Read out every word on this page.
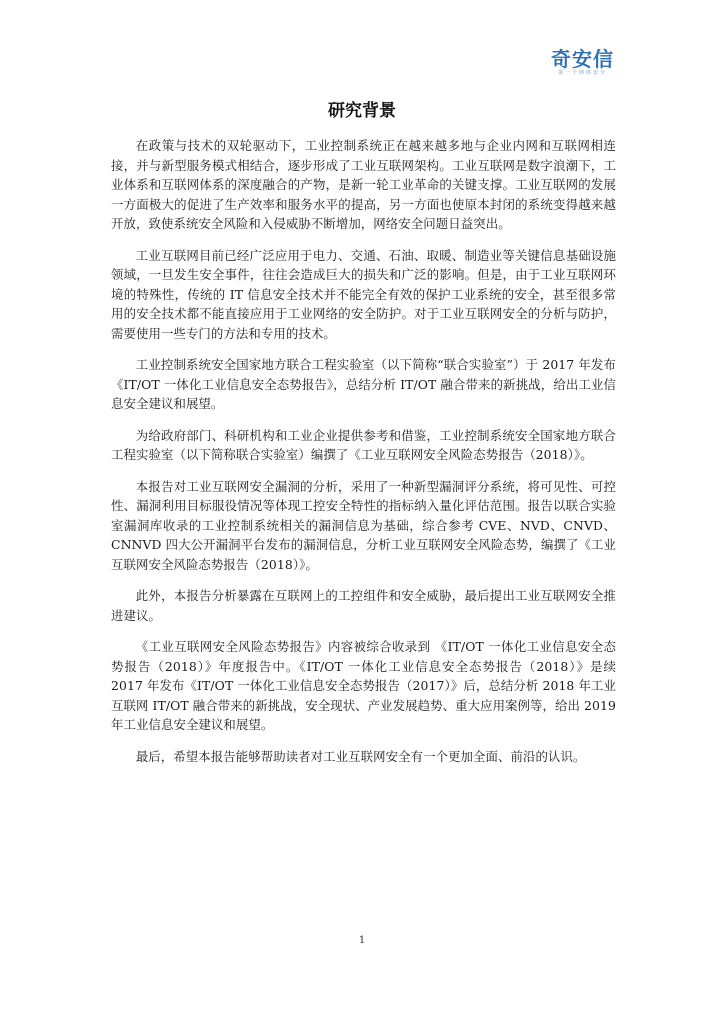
奇安信
第一个网络安全
研究背景

在政策与技术的双轮驱动下，工业控制系统正在越来越多地与企业内网和互联网相连接，并与新型服务模式相结合，逐步形成了工业互联网架构。工业互联网是数字浪潮下，工业体系和互联网体系的深度融合的产物，是新一轮工业革命的关键支撑。工业互联网的发展一方面极大的促进了生产效率和服务水平的提高，另一方面也使原本封闭的系统变得越来越开放，致使系统安全风险和入侵威胁不断增加，网络安全问题日益突出。

工业互联网目前已经广泛应用于电力、交通、石油、取暖、制造业等关键信息基础设施领域，一旦发生安全事件，往往会造成巨大的损失和广泛的影响。但是，由于工业互联网环境的特殊性，传统的 IT 信息安全技术并不能完全有效的保护工业系统的安全，甚至很多常用的安全技术都不能直接应用于工业网络的安全防护。对于工业互联网安全的分析与防护，需要使用一些专门的方法和专用的技术。

工业控制系统安全国家地方联合工程实验室（以下简称“联合实验室”）于 2017 年发布《IT/OT 一体化工业信息安全态势报告》，总结分析 IT/OT 融合带来的新挑战，给出工业信息安全建议和展望。

为给政府部门、科研机构和工业企业提供参考和借鉴，工业控制系统安全国家地方联合工程实验室（以下简称联合实验室）编撰了《工业互联网安全风险态势报告（2018）》。

本报告对工业互联网安全漏洞的分析，采用了一种新型漏洞评分系统，将可见性、可控性、漏洞利用目标服役情况等体现工控安全特性的指标纳入量化评估范围。报告以联合实验室漏洞库收录的工业控制系统相关的漏洞信息为基础，综合参考 CVE、NVD、CNVD、CNNVD 四大公开漏洞平台发布的漏洞信息，分析工业互联网安全风险态势，编撰了《工业互联网安全风险态势报告（2018）》。

此外，本报告分析暴露在互联网上的工控组件和安全威胁，最后提出工业互联网安全推进建议。

《工业互联网安全风险态势报告》内容被综合收录到 《IT/OT 一体化工业信息安全态势报告（2018）》年度报告中。《IT/OT 一体化工业信息安全态势报告（2018）》是续 2017 年发布《IT/OT 一体化工业信息安全态势报告（2017）》后，总结分析 2018 年工业互联网 IT/OT 融合带来的新挑战，安全现状、产业发展趋势、重大应用案例等，给出 2019 年工业信息安全建议和展望。

最后，希望本报告能够帮助读者对工业互联网安全有一个更加全面、前沿的认识。

1
